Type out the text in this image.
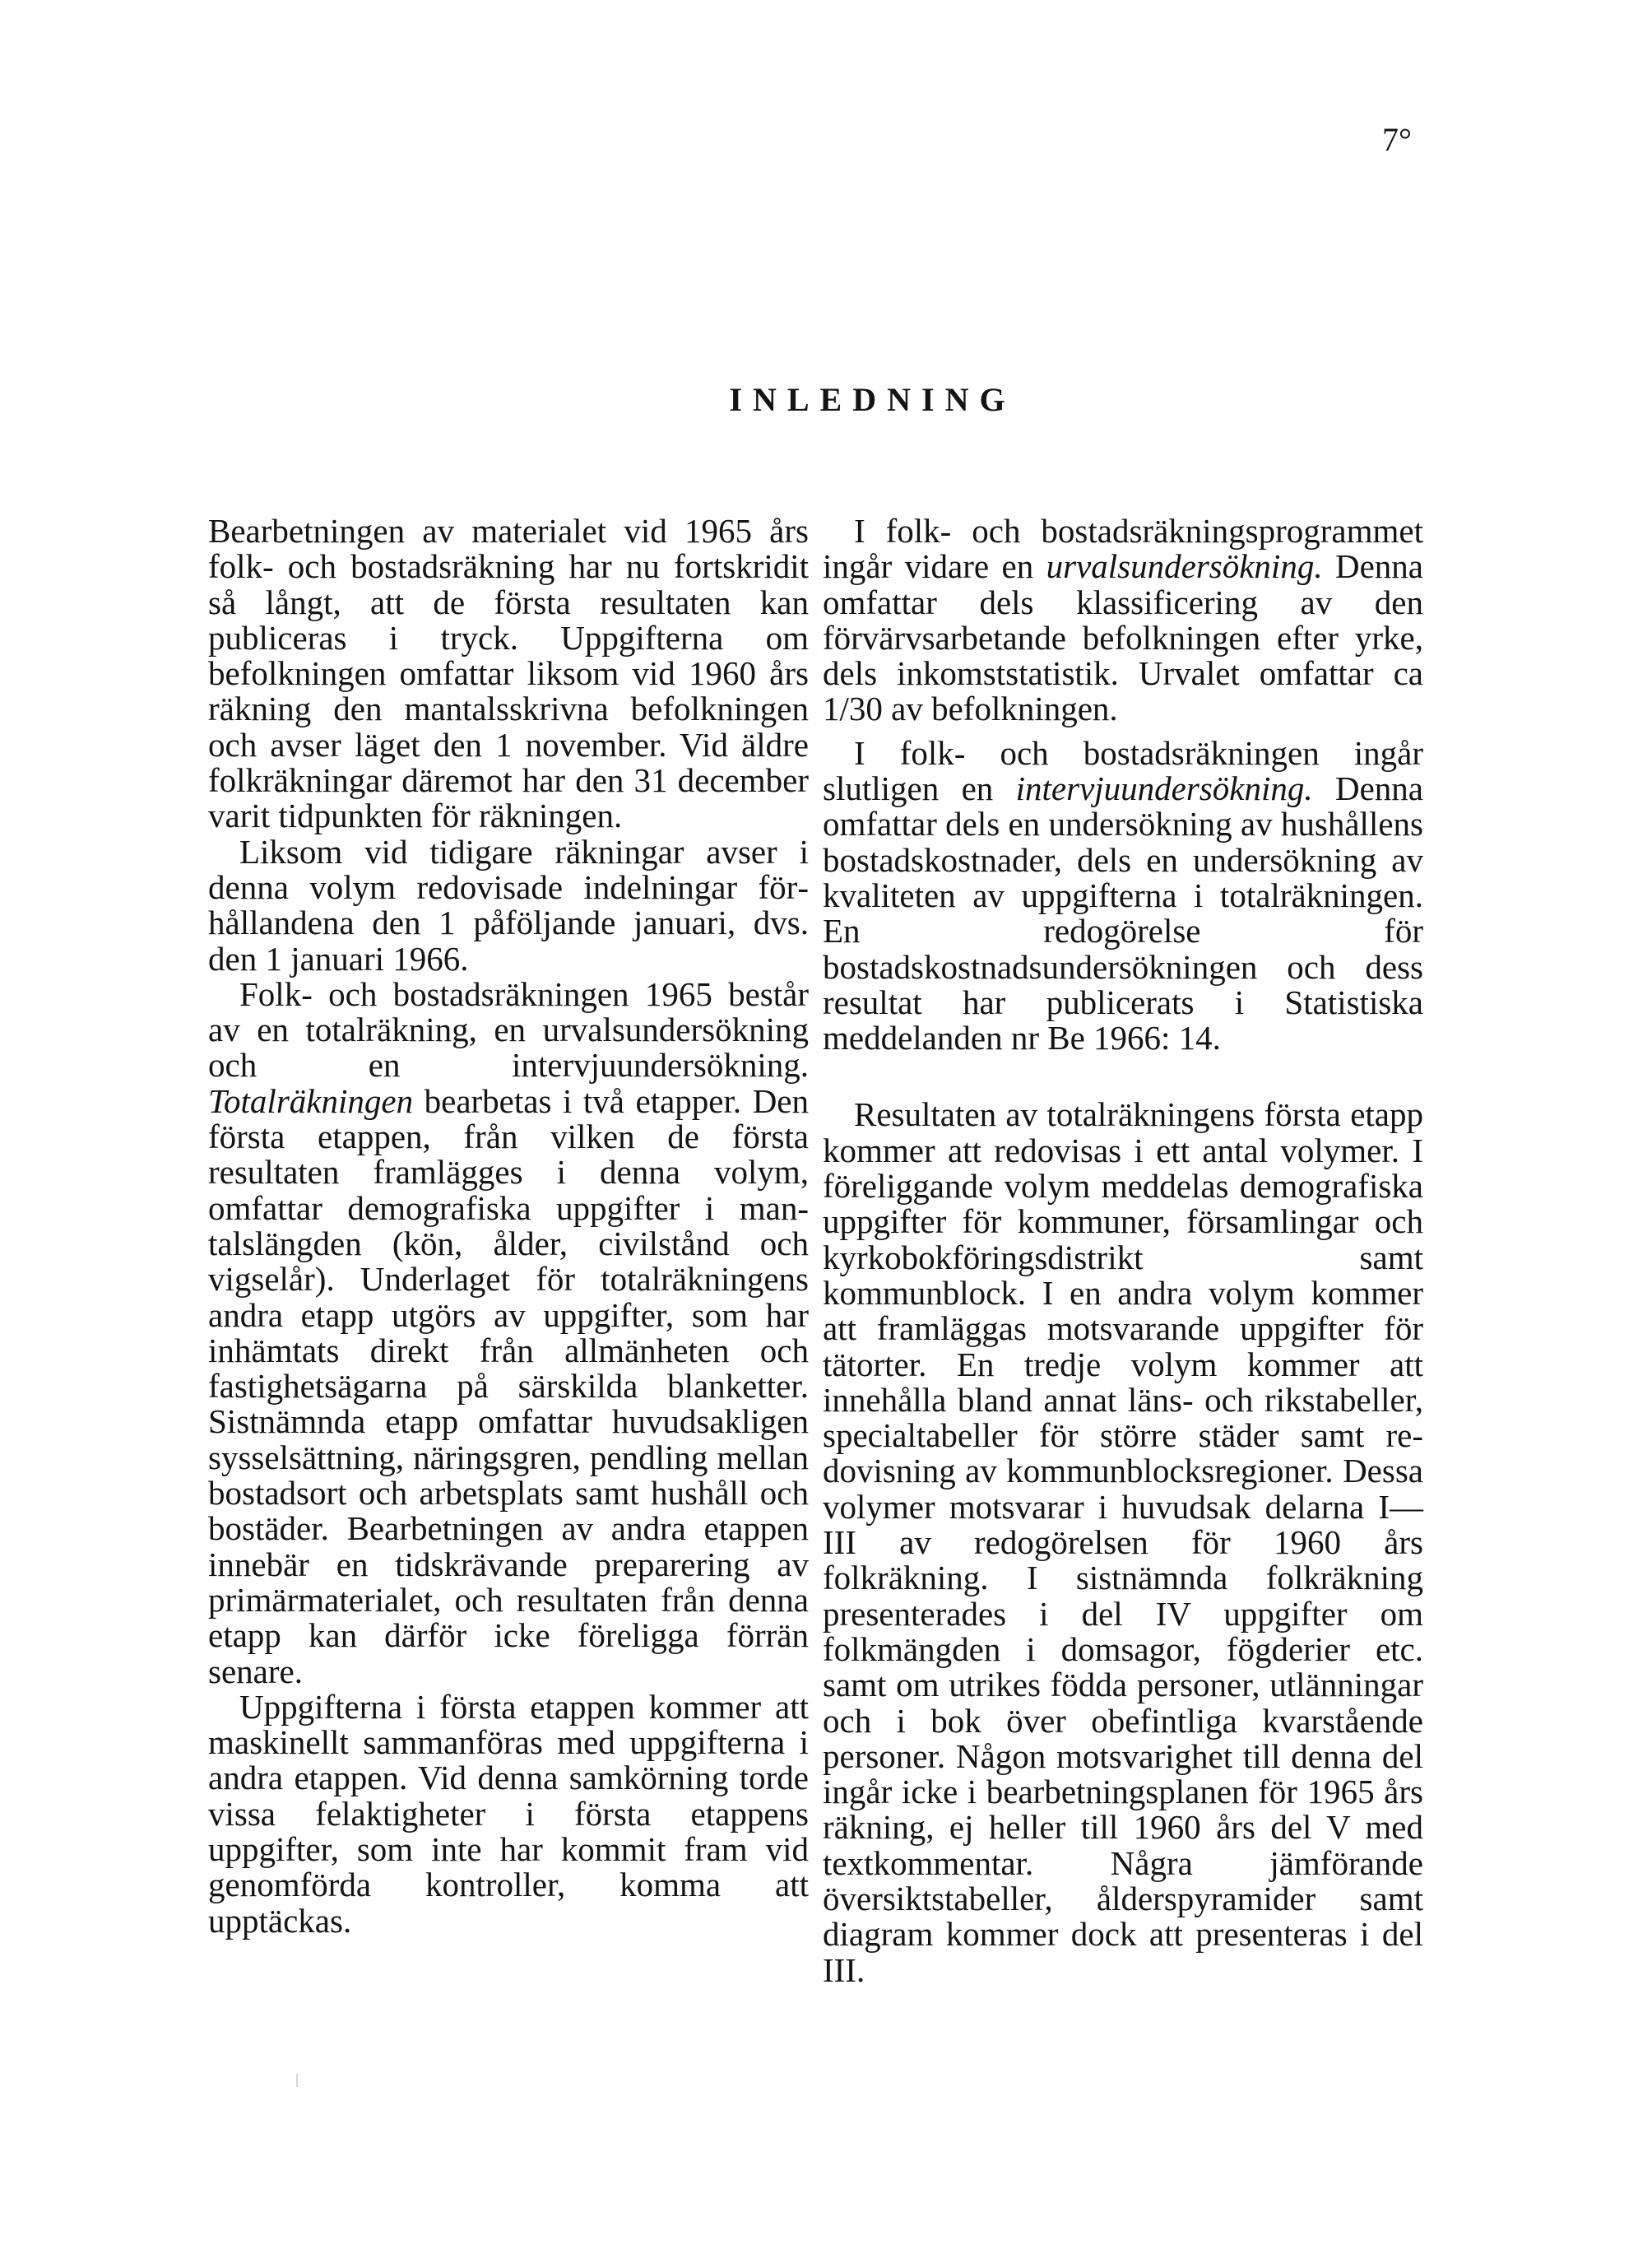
7°
INLEDNING

Bearbetningen av materialet vid 1965 års folk- och bostadsräkning har nu fortskridit så långt, att de första resultaten kan publiceras i tryck. Uppgifterna om befolkningen omfattar liksom vid 1960 års räkning den mantalsskrivna befolkningen och avser läget den 1 november. Vid äldre folkräkningar däremot har den 31 december varit tidpunkten för räkningen.

Liksom vid tidigare räkningar avser i denna volym redovisade indelningar förhållandena den 1 påföljande januari, dvs. den 1 januari 1966.

Folk- och bostadsräkningen 1965 består av en totalräkning, en urvalsundersökning och en intervjuundersökning. Totalräkningen bearbetas i två etapper. Den första etappen, från vilken de första resultaten framlägges i denna volym, omfattar demografiska uppgifter i mantalslängden (kön, ålder, civilstånd och vigselår). Underlaget för totalräkningens andra etapp utgörs av uppgifter, som har inhämtats direkt från allmänheten och fastighetsägarna på särskilda blanketter. Sistnämnda etapp omfattar huvudsakligen sysselsättning, näringsgren, pendling mellan bostadsort och arbetsplats samt hushåll och bostäder. Bearbetningen av andra etappen innebär en tidskrävande preparering av primärmaterialet, och resultaten från denna etapp kan därför icke föreligga förrän senare.

Uppgifterna i första etappen kommer att maskinellt sammanföras med uppgifterna i andra etappen. Vid denna samkörning torde vissa felaktigheter i första etappens uppgifter, som inte har kommit fram vid genomförda kontroller, komma att upptäckas.

I folk- och bostadsräkningsprogrammet ingår vidare en urvalsundersökning. Denna omfattar dels klassificering av den förvärvsarbetande befolkningen efter yrke, dels inkomststatistik. Urvalet omfattar ca 1/30 av befolkningen.

I folk- och bostadsräkningen ingår slutligen en intervjuundersökning. Denna omfattar dels en undersökning av hushållens bostadskostnader, dels en undersökning av kvaliteten av uppgifterna i totalräkningen. En redogörelse för bostadskostnadsundersökningen och dess resultat har publicerats i Statistiska meddelanden nr Be 1966: 14.

Resultaten av totalräkningens första etapp kommer att redovisas i ett antal volymer. I föreliggande volym meddelas demografiska uppgifter för kommuner, församlingar och kyrkobokföringsdistrikt samt kommunblock. I en andra volym kommer att framläggas motsvarande uppgifter för tätorter. En tredje volym kommer att innehålla bland annat läns- och rikstabeller, specialtabeller för större städer samt redovisning av kommunblocksregioner. Dessa volymer motsvarar i huvudsak delarna I—III av redogörelsen för 1960 års folkräkning. I sistnämnda folkräkning presenterades i del IV uppgifter om folkmängden i domsagor, fögderier etc. samt om utrikes födda personer, utlänningar och i bok över obefintliga kvarstående personer. Någon motsvarighet till denna del ingår icke i bearbetningsplanen för 1965 års räkning, ej heller till 1960 års del V med textkommentar. Några jämförande översiktstabeller, ålderspyramider samt diagram kommer dock att presenteras i del III.
